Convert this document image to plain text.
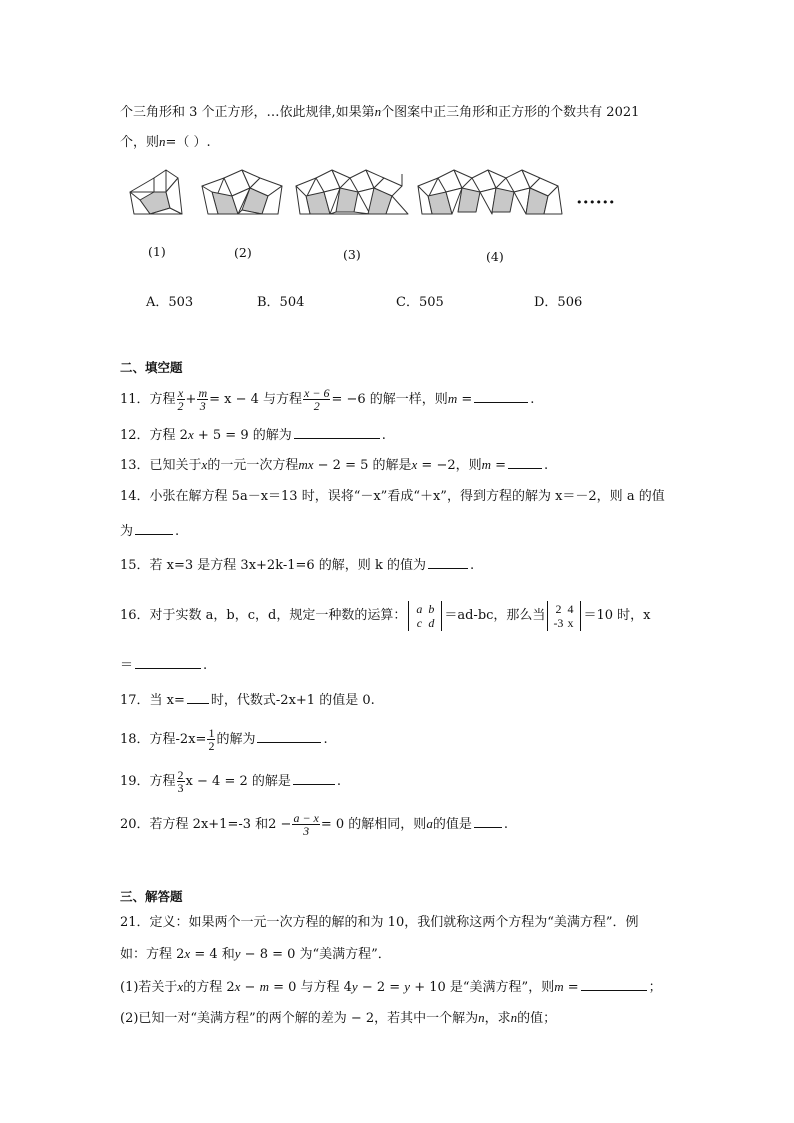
个三角形和 3 个正方形，…依此规律,如果第n个图案中正三角形和正方形的个数共有 2021
个，则n=（ ）.
••••••
(1)	(2)	(3)	(4)
A．503	B．504	C．505	D．506
二、填空题
11．方程 $\frac{x}{2} + \frac{m}{3} = x - 4$ 与方程 $\frac{x - 6}{2} = -6$ 的解一样，则m =	.
12．方程 2x + 5 = 9 的解为	.
13．已知关于x的一元一次方程mx − 2 = 5 的解是x = −2，则m =	.
14．小张在解方程 5a－x＝13 时，误将“－x”看成“＋x”，得到方程的解为 x＝－2，则 a 的值
为	.
15．若 x=3 是方程 3x+2k-1=6 的解，则 k 的值为	.
16．对于实数 a，b，c，d，规定一种数的运算： a b
c d ＝ad-bc，那么当 2 4
-3 x ＝10 时，x
＝	.
17．当 x= 时，代数式-2x+1 的值是 0.
18．方程$-2x= \frac{1}{2}$ 的解为	.
19．方程 $\frac{2}{3}$ x − 4 = 2 的解是	.
20．若方程 2x+1=-3 和$2 - \frac{a - x}{3} = 0$ 的解相同，则a的值是 .
三、解答题
21．定义：如果两个一元一次方程的解的和为 10，我们就称这两个方程为“美满方程”．例
如：方程 2x = 4 和y − 8 = 0 为“美满方程”．
(1)若关于x的方程 2x − m = 0 与方程 4y − 2 = y + 10 是“美满方程”，则m =	；
(2)已知一对“美满方程”的两个解的差为 − 2，若其中一个解为n，求n的值；
